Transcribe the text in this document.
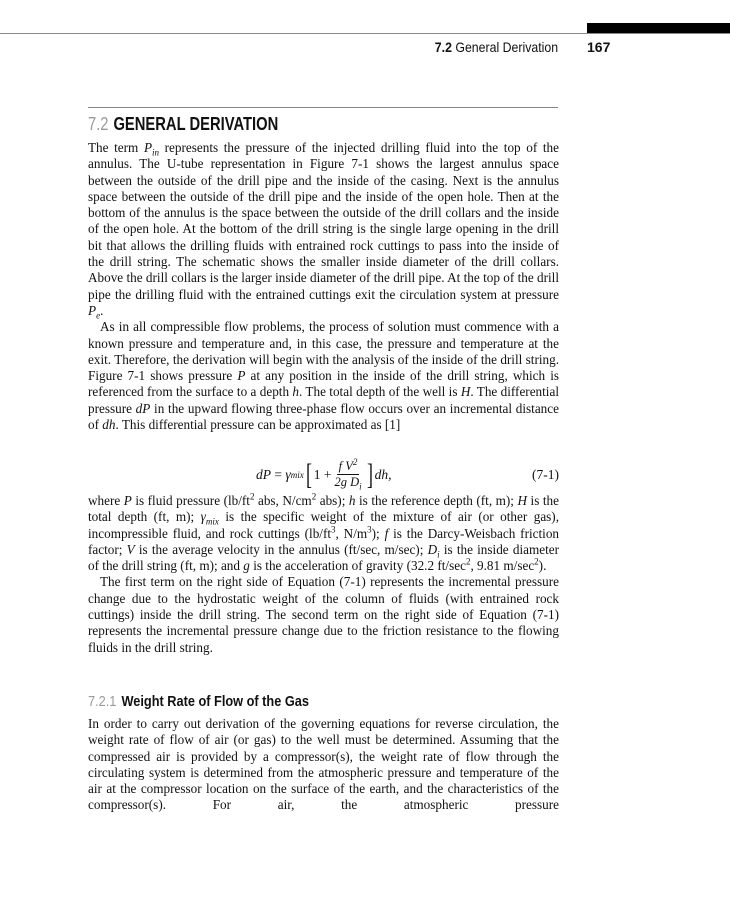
7.2 General Derivation 167
7.2 GENERAL DERIVATION

The term $P_{in}$ represents the pressure of the injected drilling fluid into the top of the annulus. The U-tube representation in Figure 7-1 shows the largest annulus space between the outside of the drill pipe and the inside of the casing. Next is the annulus space between the outside of the drill pipe and the inside of the open hole. Then at the bottom of the annulus is the space between the outside of the drill collars and the inside of the open hole. At the bottom of the drill string is the single large opening in the drill bit that allows the drilling fluids with entrained rock cuttings to pass into the inside of the drill string. The schematic shows the smaller inside diameter of the drill collars. Above the drill collars is the larger inside diameter of the drill pipe. At the top of the drill pipe the drilling fluid with the entrained cuttings exit the circulation system at pressure $P_e$.

As in all compressible flow problems, the process of solution must commence with a known pressure and temperature and, in this case, the pressure and temperature at the exit. Therefore, the derivation will begin with the analysis of the inside of the drill string. Figure 7-1 shows pressure P at any position in the inside of the drill string, which is referenced from the surface to a depth h. The total depth of the well is H. The differential pressure dP in the upward flowing three-phase flow occurs over an incremental distance of dh. This differential pressure can be approximated as [1]

dP
=
γ mix [ $1 + \frac{f V^2}{2g D_i}$ ] dh,	(7-1)

where P is fluid pressure ($lb/ft^2$ abs, $N/cm^2$ abs); h is the reference depth (ft, m); H is the total depth (ft, m); $\gamma_{mix}$ is the specific weight of the mixture of air (or other gas), incompressible fluid, and rock cuttings ($lb/ft^3$, $N/m^3$); f is the Darcy-Weisbach friction factor; V is the average velocity in the annulus (ft/sec, m/sec); $D_i$ is the inside diameter of the drill string (ft, m); and g is the acceleration of gravity (32.2 $ft/\sec^2$, 9.81 $m/\sec^2$).

The first term on the right side of Equation (7-1) represents the incremental pressure change due to the hydrostatic weight of the column of fluids (with entrained rock cuttings) inside the drill string. The second term on the right side of Equation (7-1) represents the incremental pressure change due to the friction resistance to the flowing fluids in the drill string.

7.2.1 Weight Rate of Flow of the Gas

In order to carry out derivation of the governing equations for reverse circulation, the weight rate of flow of air (or gas) to the well must be determined. Assuming that the compressed air is provided by a compressor(s), the weight rate of flow through the circulating system is determined from the atmospheric pressure and temperature of the air at the compressor location on the surface of the earth, and the characteristics of the compressor(s). For air, the atmospheric pressure
